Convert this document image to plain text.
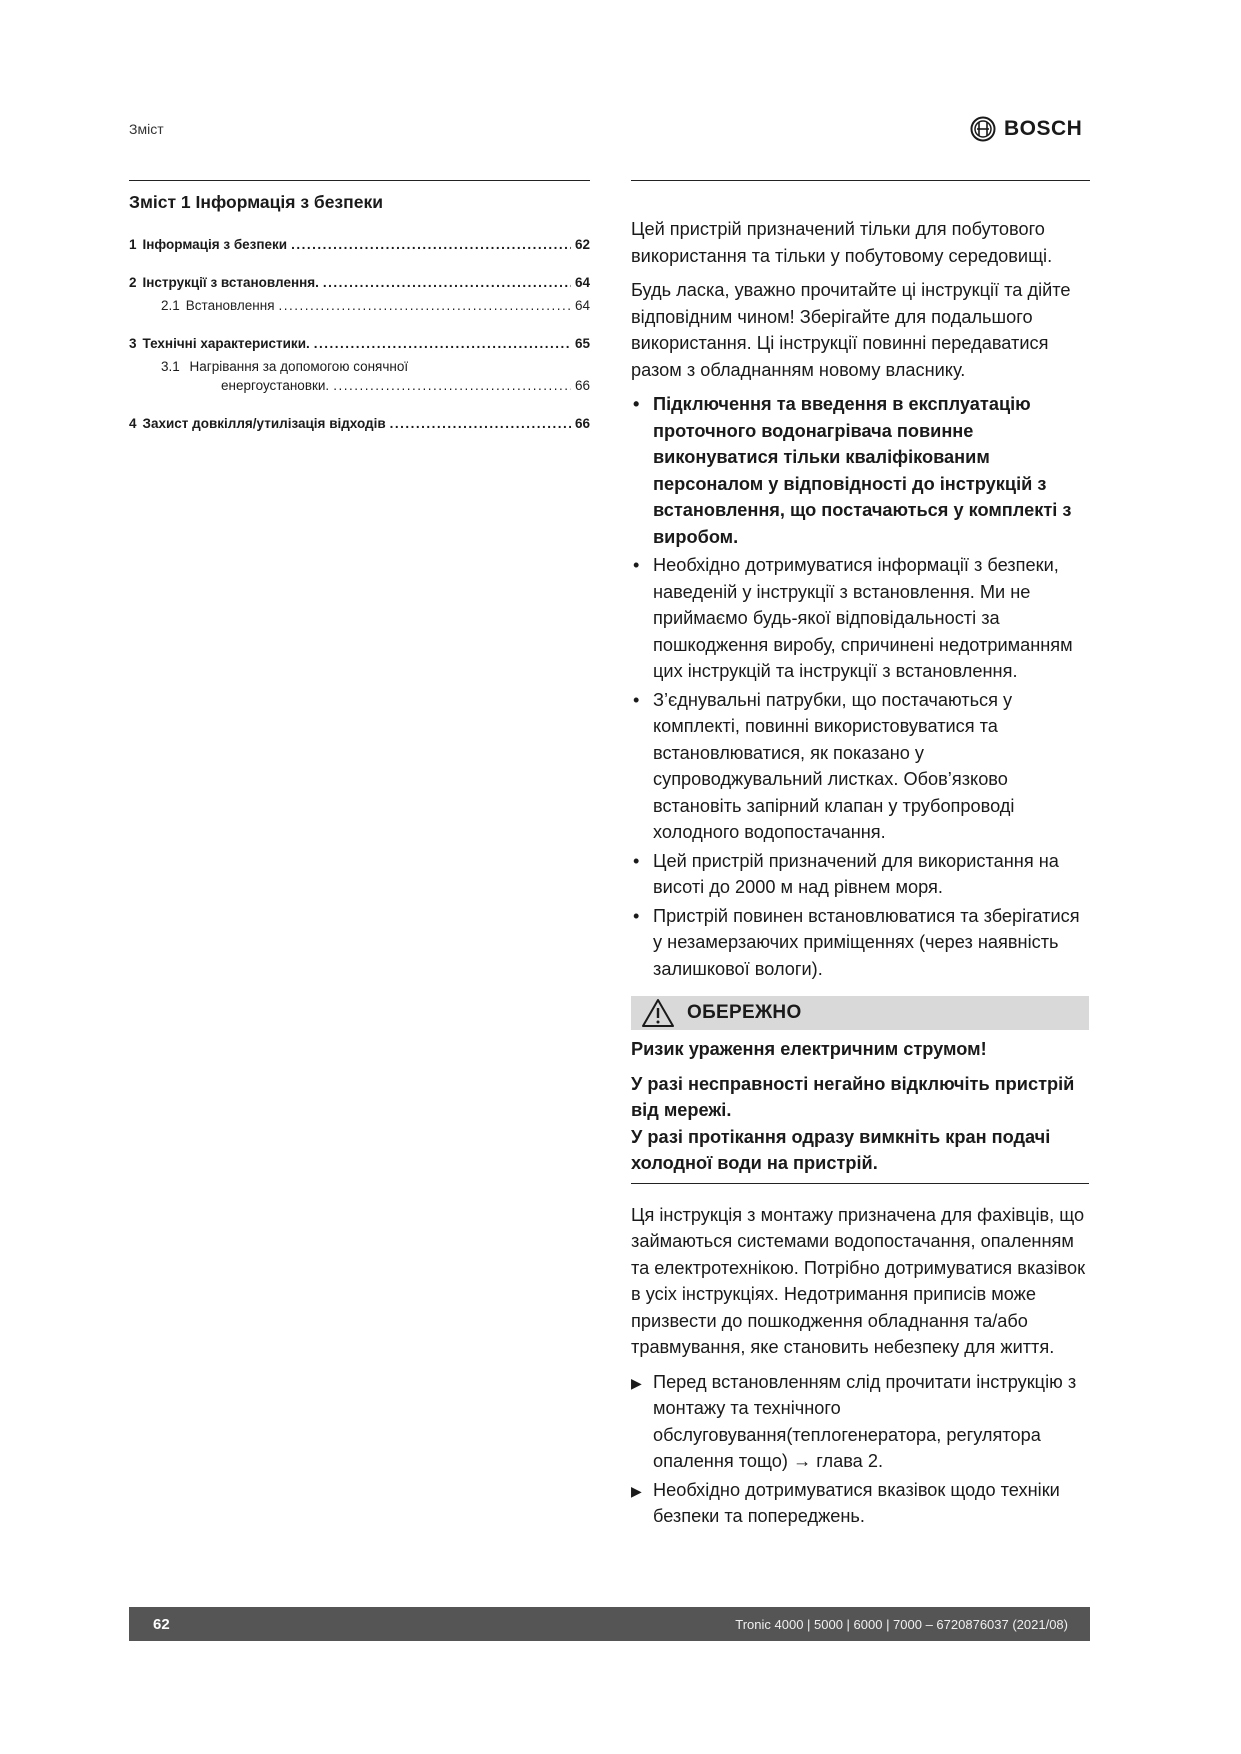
Зміст	BOSCH
Зміст 1 Інформація з безпеки
1 Інформація з безпеки .....	62
2 Інструкції з встановлення. .....	64
2.1 Встановлення .....	64
3 Технічні характеристики. .....	65
3.1 Нагрівання за допомогою сонячної
енергоустановки. .....	66
4 Захист довкілля/утилізація відходів .....	66

Цей пристрій призначений тільки для побутового використання та тільки у побутовому середовищі.

Будь ласка, уважно прочитайте ці інструкції та дійте відповідним чином! Зберігайте для подальшого використання. Ці інструкції повинні передаватися разом з обладнанням новому власнику.

• Підключення та введення в експлуатацію проточного водонагрівача повинне виконуватися тільки кваліфікованим персоналом у відповідності до інструкцій з встановлення, що постачаються у комплекті з виробом.
• Необхідно дотримуватися інформації з безпеки, наведеній у інструкції з встановлення. Ми не приймаємо будь-якої відповідальності за пошкодження виробу, спричинені недотриманням цих інструкцій та інструкції з встановлення.
• З’єднувальні патрубки, що постачаються у комплекті, повинні використовуватися та встановлюватися, як показано у супроводжувальний листках. Обов’язково встановіть запірний клапан у трубопроводі холодного водопостачання.
• Цей пристрій призначений для використання на висоті до 2000 м над рівнем моря.
• Пристрій повинен встановлюватися та зберігатися у незамерзаючих приміщеннях (через наявність залишкової вологи).
ОБЕРЕЖНО

Ризик ураження електричним струмом!

У разі несправності негайно відключіть пристрій від мережі.

У разі протікання одразу вимкніть кран подачі холодної води на пристрій.

Ця інструкція з монтажу призначена для фахівців, що займаються системами водопостачання, опаленням та електротехнікою. Потрібно дотримуватися вказівок в усіх інструкціях. Недотримання приписів може призвести до пошкодження обладнання та/або травмування, яке становить небезпеку для життя.

▶ Перед встановленням слід прочитати інструкцію з монтажу та технічного обслуговування(теплогенератора, регулятора опалення тощо) → глава 2.
▶ Необхідно дотримуватися вказівок щодо техніки безпеки та попереджень.
62	Tronic 4000 | 5000 | 6000 | 7000 – 6720876037 (2021/08)
